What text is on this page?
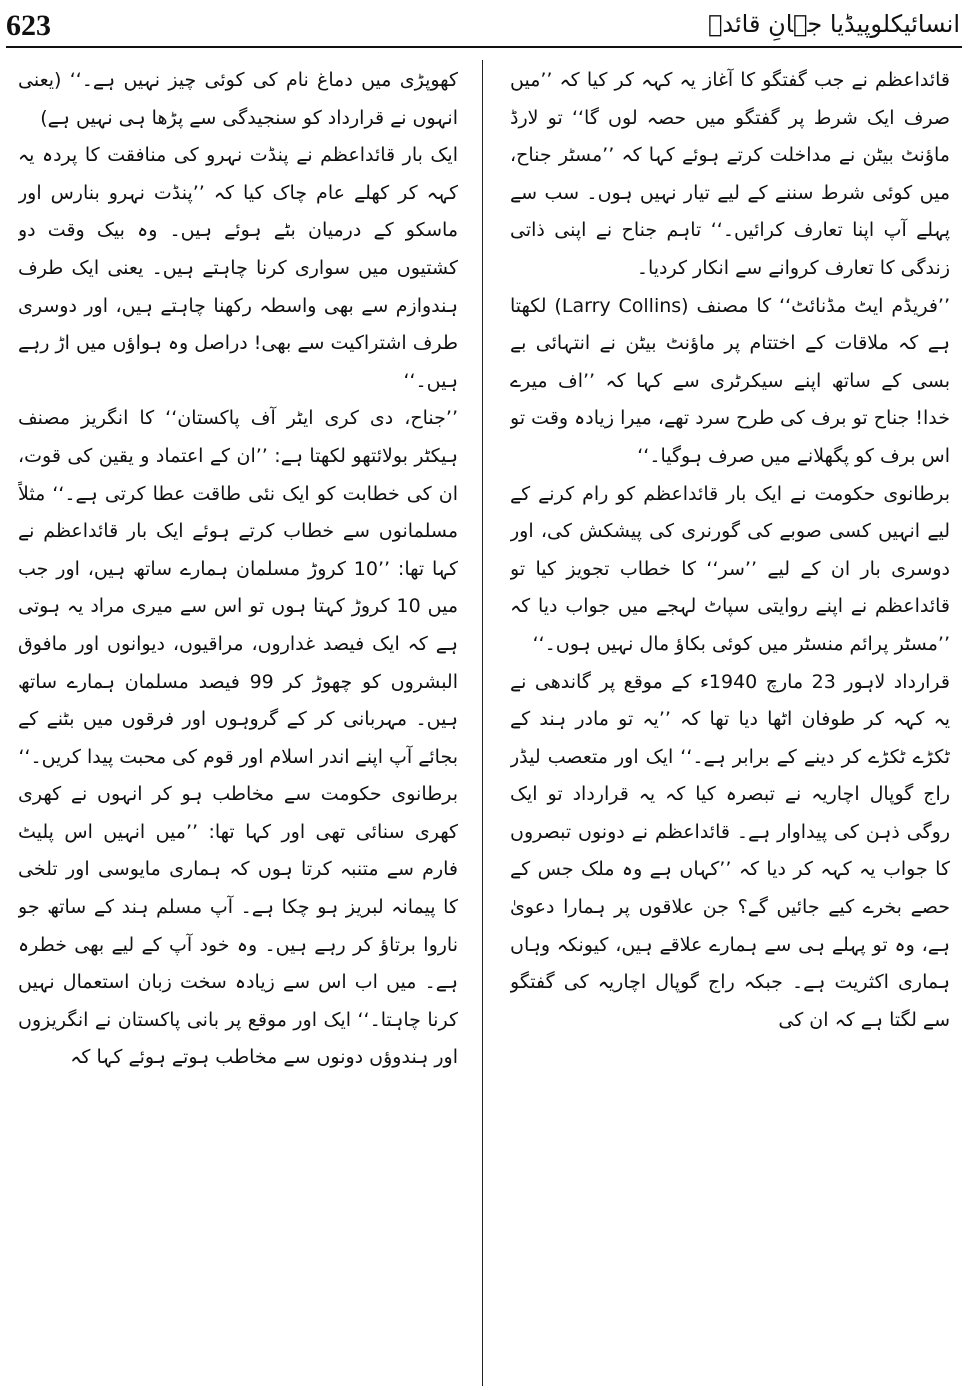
623	انسائیکلوپیڈیا جہانِ قائدؒ

قائداعظم نے جب گفتگو کا آغاز یہ کہہ کر کیا کہ ’’میں صرف ایک شرط پر گفتگو میں حصہ لوں گا‘‘ تو لارڈ ماؤنٹ بیٹن نے مداخلت کرتے ہوئے کہا کہ ’’مسٹر جناح، میں کوئی شرط سننے کے لیے تیار نہیں ہوں۔ سب سے پہلے آپ اپنا تعارف کرائیں۔‘‘ تاہم جناح نے اپنی ذاتی زندگی کا تعارف کروانے سے انکار کردیا۔

’’فریڈم ایٹ مڈنائٹ‘‘ کا مصنف (Larry Collins) لکھتا ہے کہ ملاقات کے اختتام پر ماؤنٹ بیٹن نے انتہائی بے بسی کے ساتھ اپنے سیکرٹری سے کہا کہ ’’اف میرے خدا! جناح تو برف کی طرح سرد تھے، میرا زیادہ وقت تو اس برف کو پگھلانے میں صرف ہوگیا۔‘‘

برطانوی حکومت نے ایک بار قائداعظم کو رام کرنے کے لیے انہیں کسی صوبے کی گورنری کی پیشکش کی، اور دوسری بار ان کے لیے ’’سر‘‘ کا خطاب تجویز کیا تو قائداعظم نے اپنے روایتی سپاٹ لہجے میں جواب دیا کہ ’’مسٹر پرائم منسٹر میں کوئی بکاؤ مال نہیں ہوں۔‘‘

قرارداد لاہور 23 مارچ 1940ء کے موقع پر گاندھی نے یہ کہہ کر طوفان اٹھا دیا تھا کہ ’’یہ تو مادر ہند کے ٹکڑے ٹکڑے کر دینے کے برابر ہے۔‘‘ ایک اور متعصب لیڈر راج گوپال اچاریہ نے تبصرہ کیا کہ یہ قرارداد تو ایک روگی ذہن کی پیداوار ہے۔ قائداعظم نے دونوں تبصروں کا جواب یہ کہہ کر دیا کہ ’’کہاں ہے وہ ملک جس کے حصے بخرے کیے جائیں گے؟ جن علاقوں پر ہمارا دعویٰ ہے، وہ تو پہلے ہی سے ہمارے علاقے ہیں، کیونکہ وہاں ہماری اکثریت ہے۔ جبکہ راج گوپال اچاریہ کی گفتگو سے لگتا ہے کہ ان کی

کھوپڑی میں دماغ نام کی کوئی چیز نہیں ہے۔‘‘ (یعنی انہوں نے قرارداد کو سنجیدگی سے پڑھا ہی نہیں ہے)

ایک بار قائداعظم نے پنڈت نہرو کی منافقت کا پردہ یہ کہہ کر کھلے عام چاک کیا کہ ’’پنڈت نہرو بنارس اور ماسکو کے درمیان بٹے ہوئے ہیں۔ وہ بیک وقت دو کشتیوں میں سواری کرنا چاہتے ہیں۔ یعنی ایک طرف ہندوازم سے بھی واسطہ رکھنا چاہتے ہیں، اور دوسری طرف اشتراکیت سے بھی! دراصل وہ ہواؤں میں اڑ رہے ہیں۔‘‘

’’جناح، دی کری ایٹر آف پاکستان‘‘ کا انگریز مصنف ہیکٹر بولائتھو لکھتا ہے: ’’ان کے اعتماد و یقین کی قوت، ان کی خطابت کو ایک نئی طاقت عطا کرتی ہے۔‘‘ مثلاً مسلمانوں سے خطاب کرتے ہوئے ایک بار قائداعظم نے کہا تھا: ’’10 کروڑ مسلمان ہمارے ساتھ ہیں، اور جب میں 10 کروڑ کہتا ہوں تو اس سے میری مراد یہ ہوتی ہے کہ ایک فیصد غداروں، مراقیوں، دیوانوں اور مافوق البشروں کو چھوڑ کر 99 فیصد مسلمان ہمارے ساتھ ہیں۔ مہربانی کر کے گروہوں اور فرقوں میں بٹنے کے بجائے آپ اپنے اندر اسلام اور قوم کی محبت پیدا کریں۔‘‘

برطانوی حکومت سے مخاطب ہو کر انہوں نے کھری کھری سنائی تھی اور کہا تھا: ’’میں انہیں اس پلیٹ فارم سے متنبہ کرتا ہوں کہ ہماری مایوسی اور تلخی کا پیمانہ لبریز ہو چکا ہے۔ آپ مسلم ہند کے ساتھ جو ناروا برتاؤ کر رہے ہیں۔ وہ خود آپ کے لیے بھی خطرہ ہے۔ میں اب اس سے زیادہ سخت زبان استعمال نہیں کرنا چاہتا۔‘‘ ایک اور موقع پر بانی پاکستان نے انگریزوں اور ہندوؤں دونوں سے مخاطب ہوتے ہوئے کہا کہ
